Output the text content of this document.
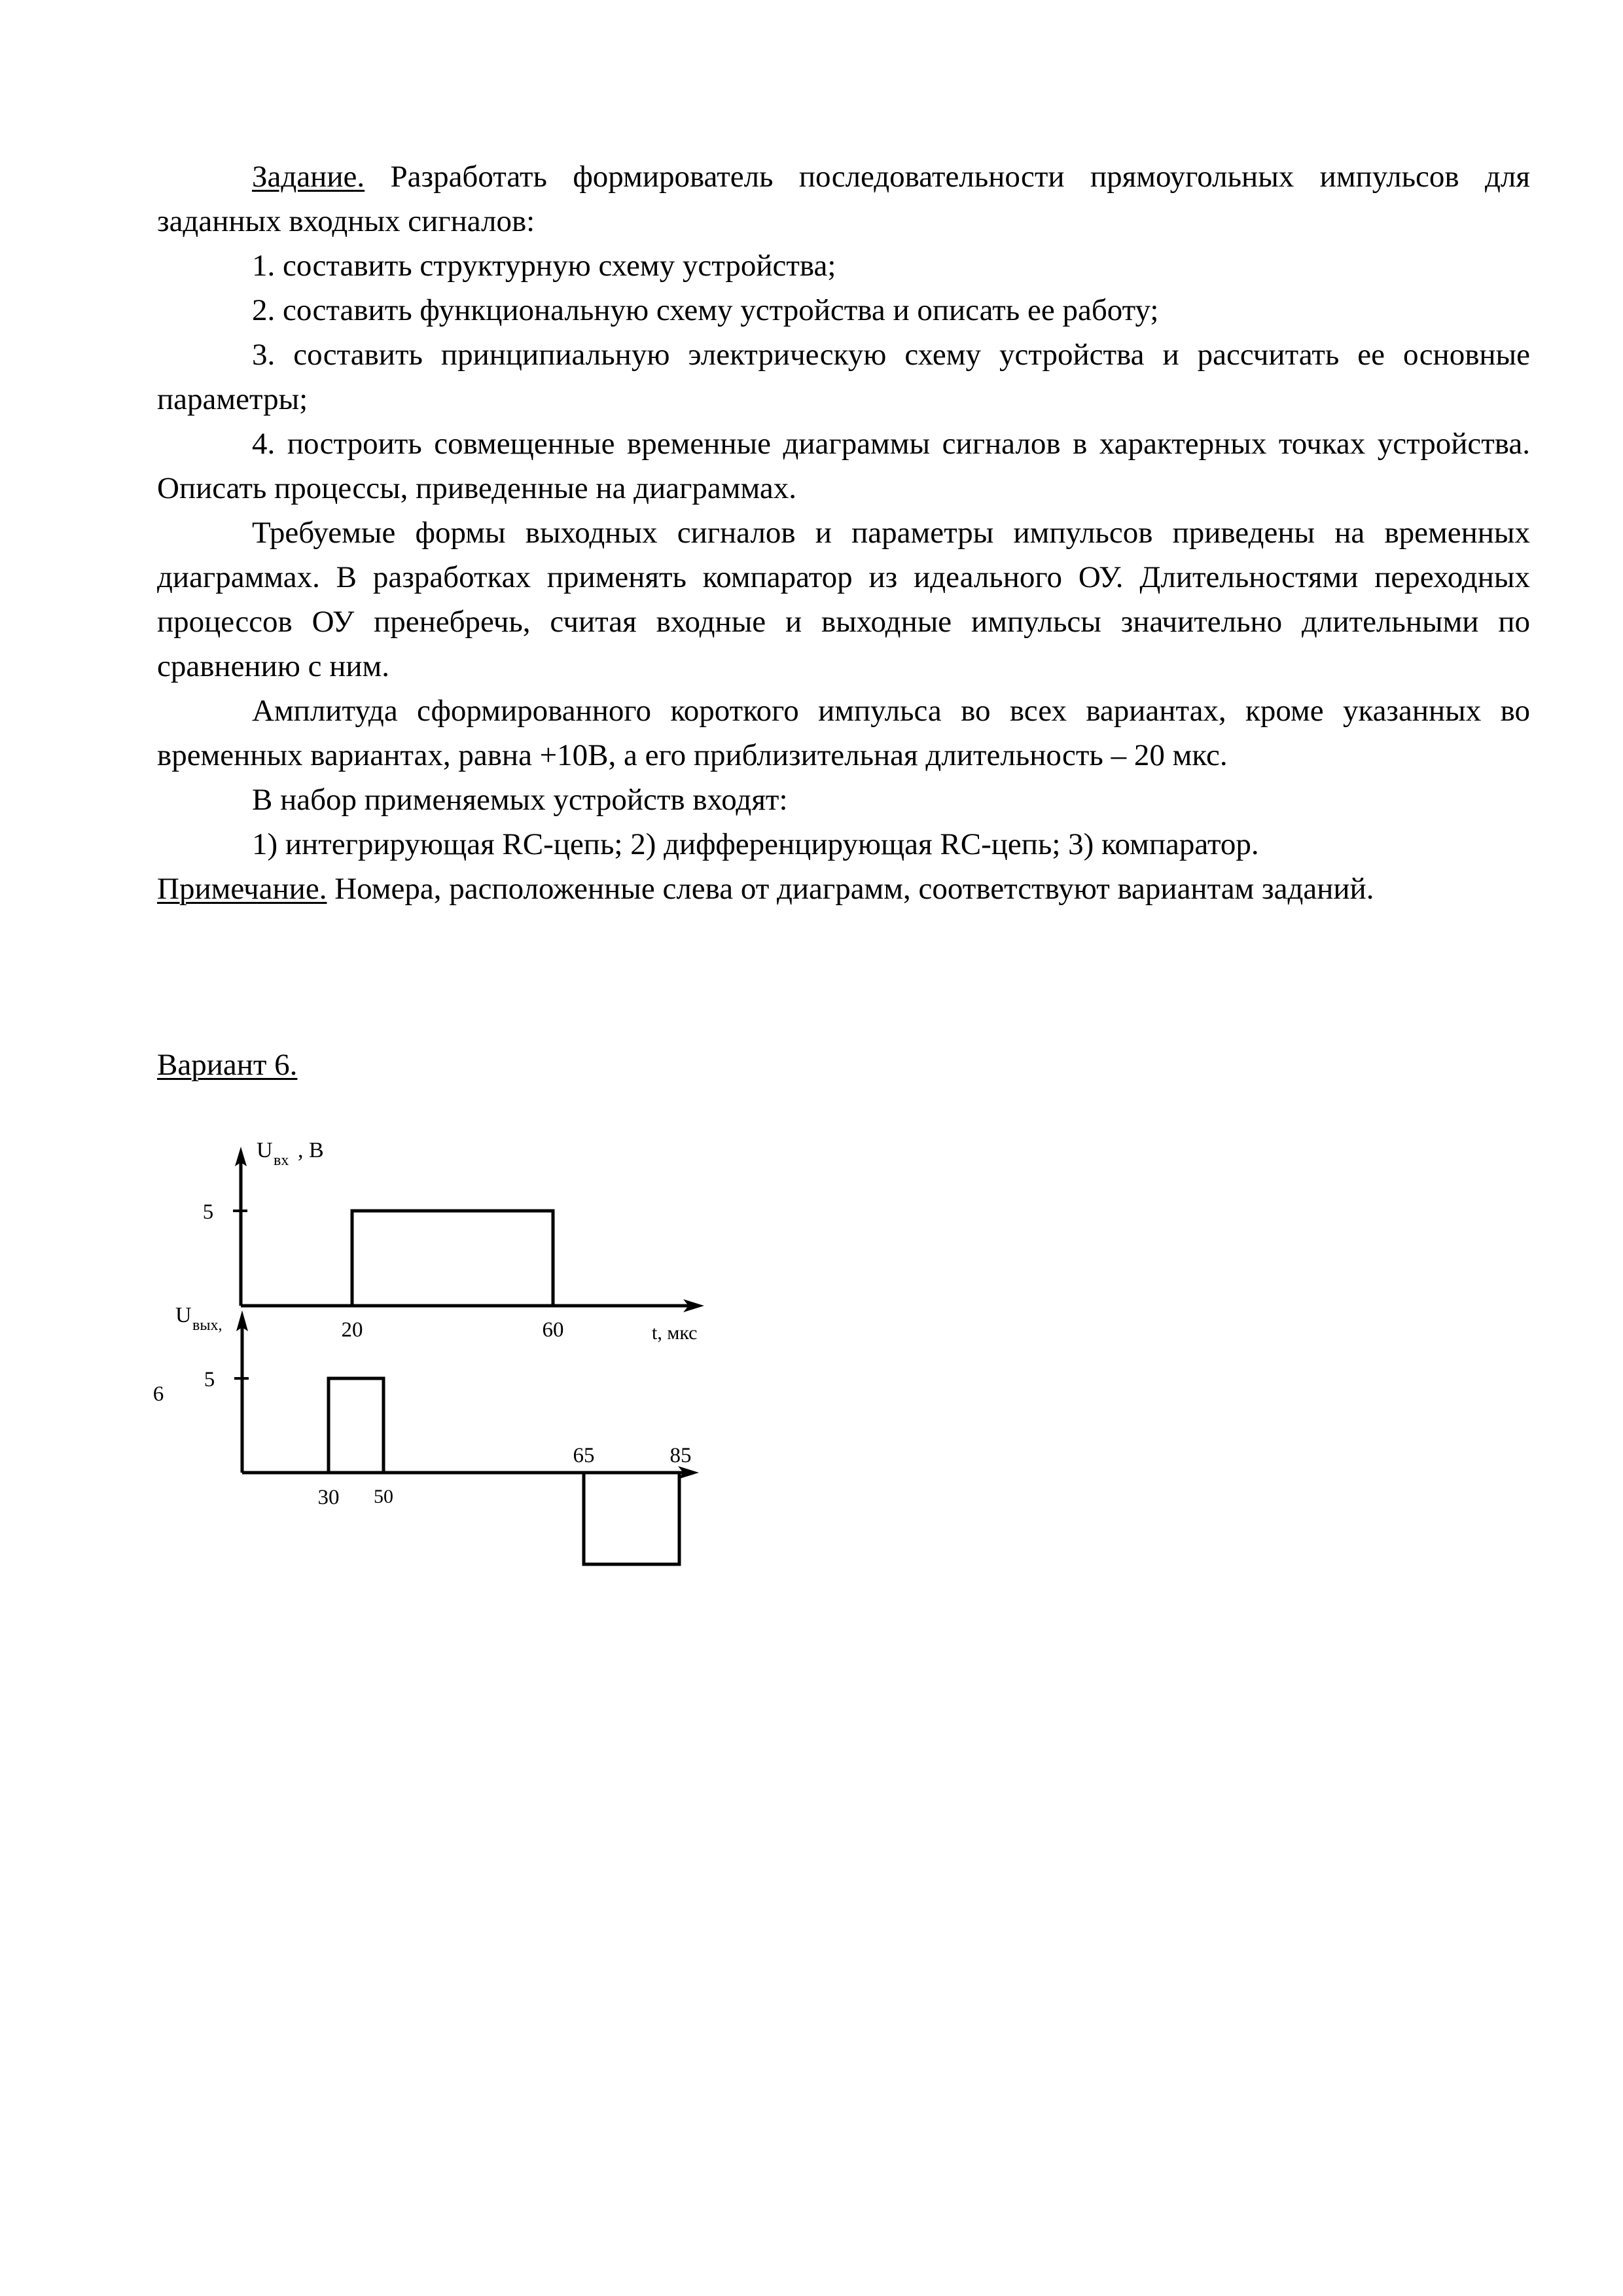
Задание. Разработать формирователь последовательности прямоугольных импульсов для заданных входных сигналов:

1. составить структурную схему устройства;

2. составить функциональную схему устройства и описать ее работу;

3. составить принципиальную электрическую схему устройства и рассчитать ее основные параметры;

4. построить совмещенные временные диаграммы сигналов в характерных точках устройства. Описать процессы, приведенные на диаграммах.

Требуемые формы выходных сигналов и параметры импульсов приведены на временных диаграммах. В разработках применять компаратор из идеального ОУ. Длительностями переходных процессов ОУ пренебречь, считая входные и выходные импульсы значительно длительными по сравнению с ним.

Амплитуда сформированного короткого импульса во всех вариантах, кроме указанных во временных вариантах, равна +10В, а его приблизительная длительность – 20 мкс.

В набор применяемых устройств входят:

1) интегрирующая RC-цепь; 2) дифференцирующая RC-цепь; 3) компаратор.

Примечание. Номера, расположенные слева от диаграмм, соответствуют вариантам заданий.

Вариант 6.
U вх , В
5
20	60	t, мкс
U вых,
5
6
30 50
65	85
